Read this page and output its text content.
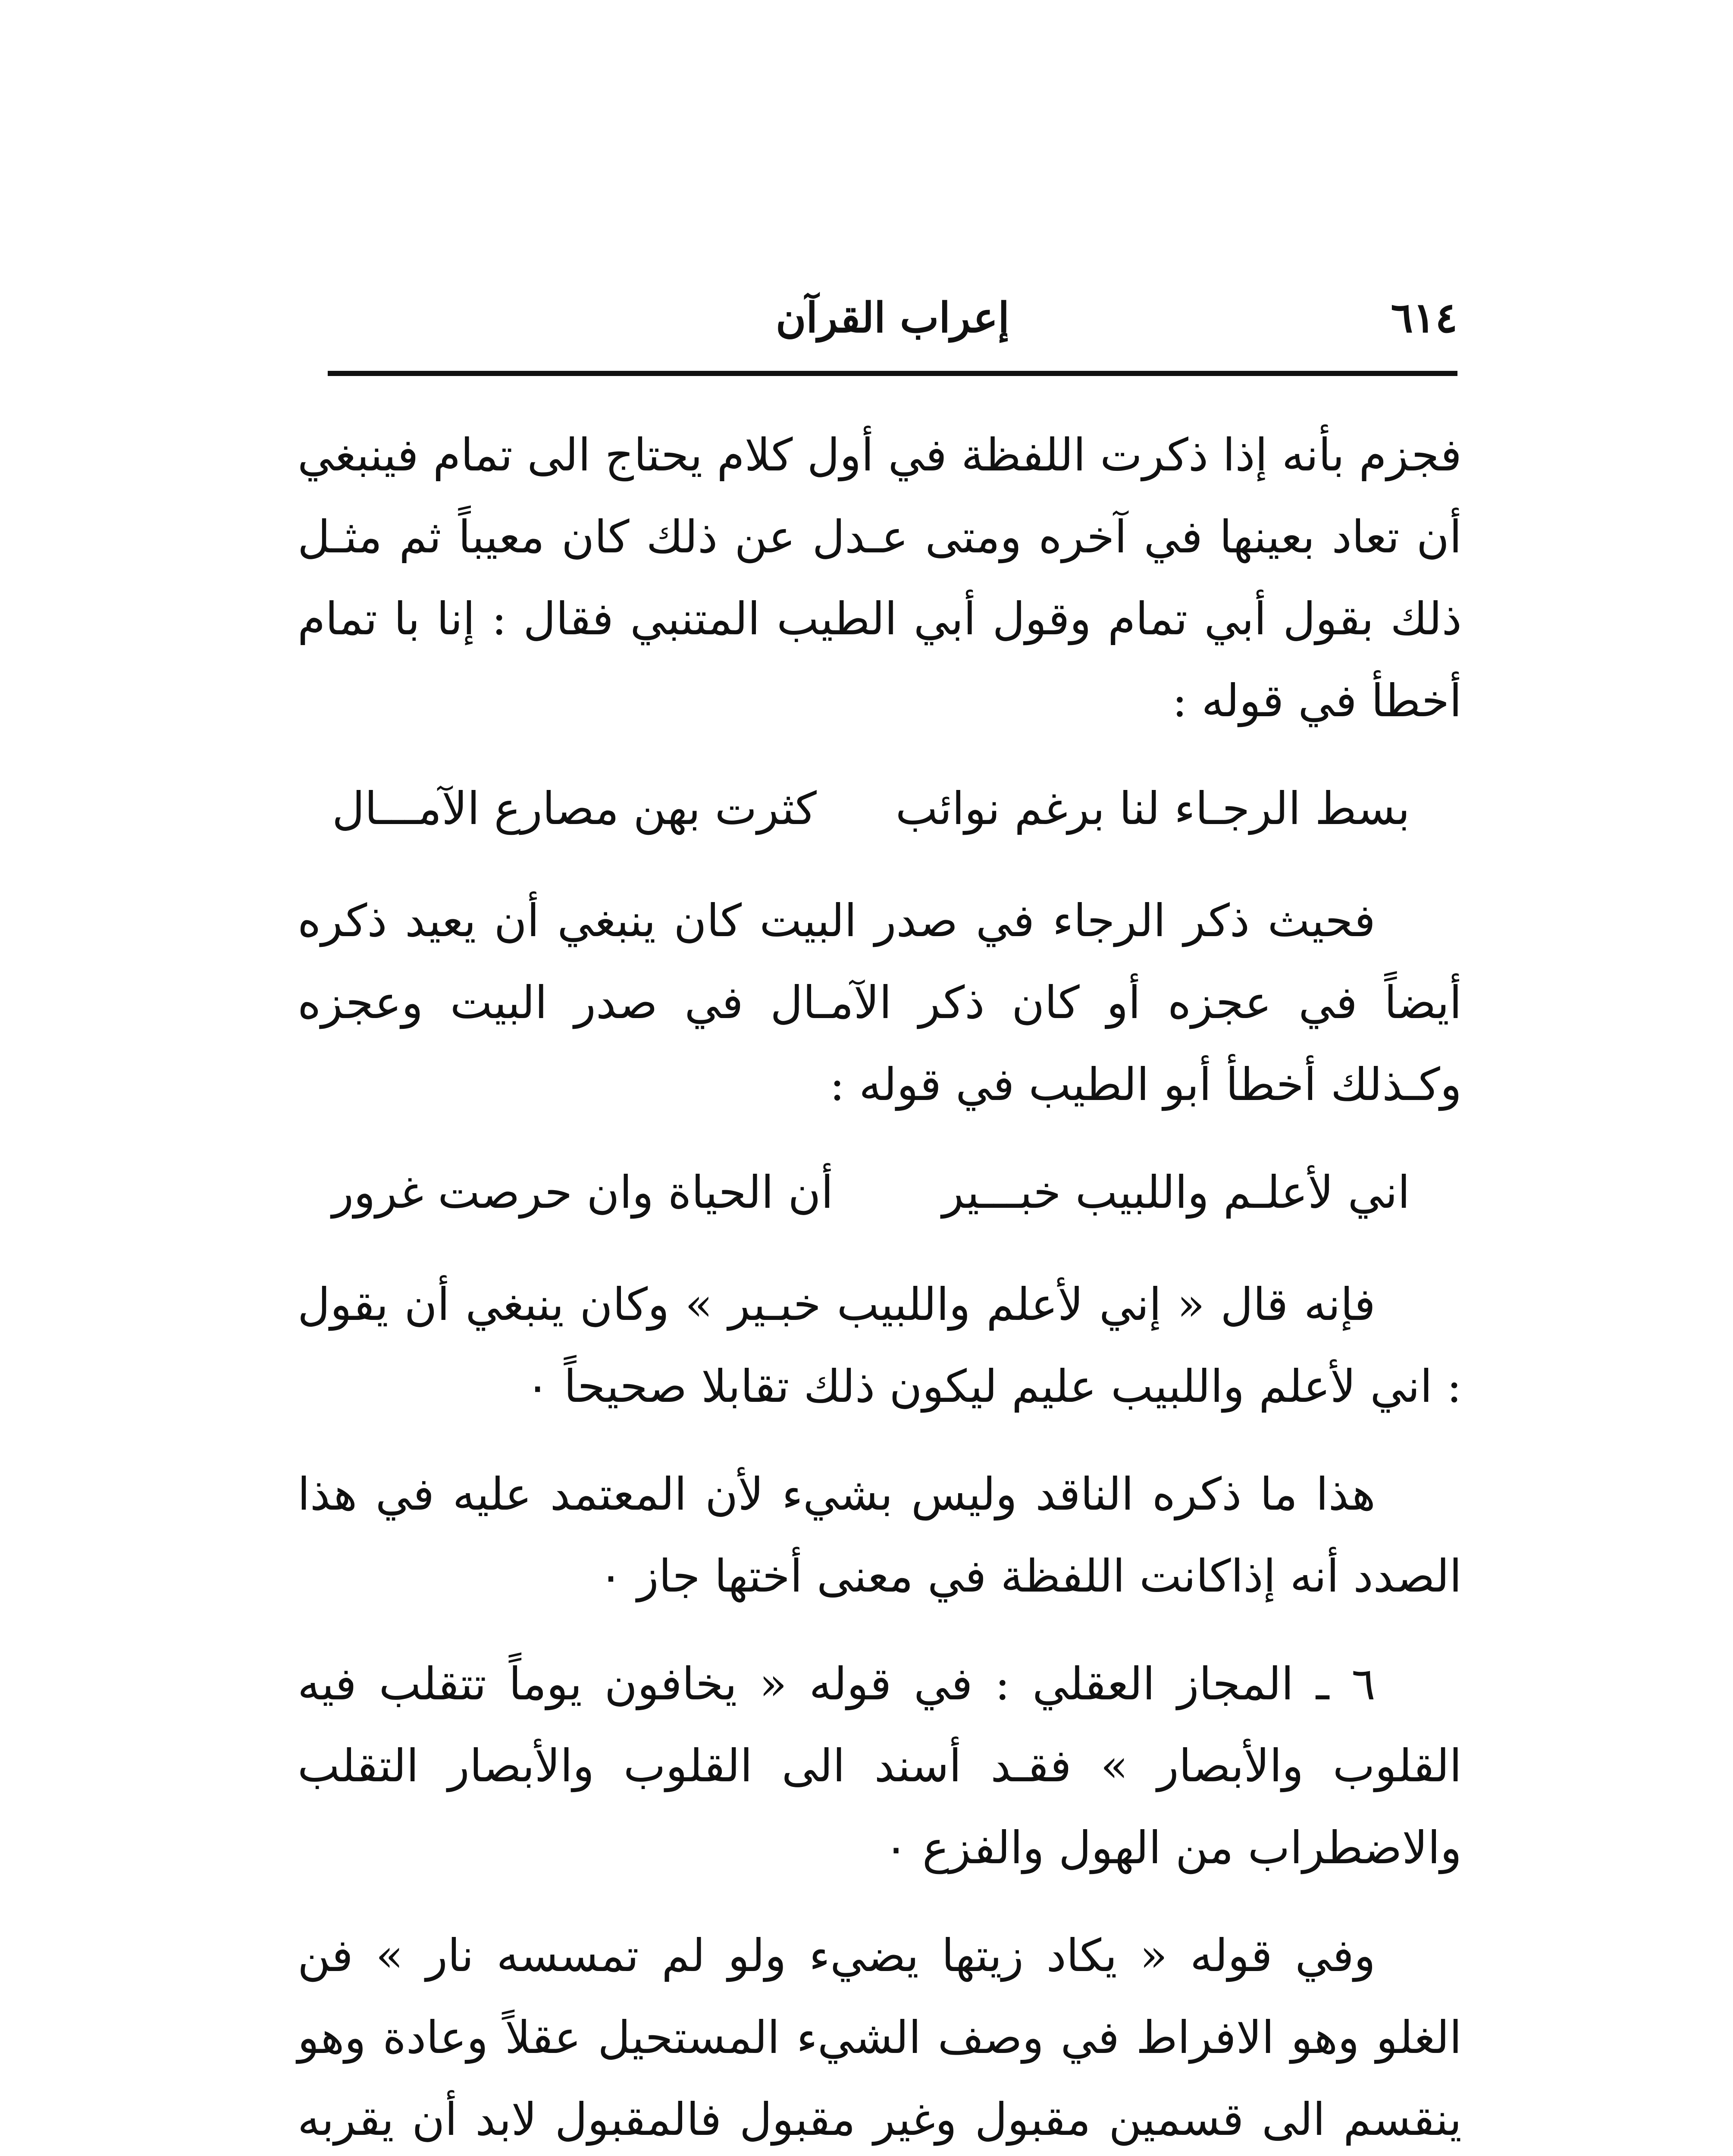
٦١٤
إعراب القرآن

فجزم بأنه إذا ذكرت اللفظة في أول كلام يحتاج الى تمام فينبغي أن تعاد بعينها في آخره ومتى عـدل عن ذلك كان معيباً ثم مثـل ذلك بقول أبي تمام وقول أبي الطيب المتنبي فقال : إنا با تمام أخطأ في قوله :

بسط الرجـاء لنا برغم نوائب
كثرت بهن مصارع الآمـــال

فحيث ذكر الرجاء في صدر البيت كان ينبغي أن يعيد ذكره أيضاً في عجزه أو كان ذكر الآمـال في صدر البيت وعجزه وكـذلك أخطأ أبو الطيب في قوله :

اني لأعلـم واللبيب خبـــير
أن الحياة وان حرصت غرور

فإنه قال « إني لأعلم واللبيب خبـير » وكان ينبغي أن يقول : اني لأعلم واللبيب عليم ليكون ذلك تقابلا صحيحاً ٠

هذا ما ذكره الناقد وليس بشيء لأن المعتمد عليه في هذا الصدد أنه إذاكانت اللفظة في معنى أختها جاز ٠

٦ ـ المجاز العقلي : في قوله « يخافون يوماً تتقلب فيه القلوب والأبصار » فقـد أسند الى القلوب والأبصار التقلب والاضطراب من الهول والفزع ٠

وفي قوله « يكاد زيتها يضيء ولو لم تمسسه نار » فن الغلو وهو الافراط في وصف الشيء المستحيل عقلاً وعادة وهو ينقسم الى قسمين مقبول وغير مقبول فالمقبول لابد أن يقربه
